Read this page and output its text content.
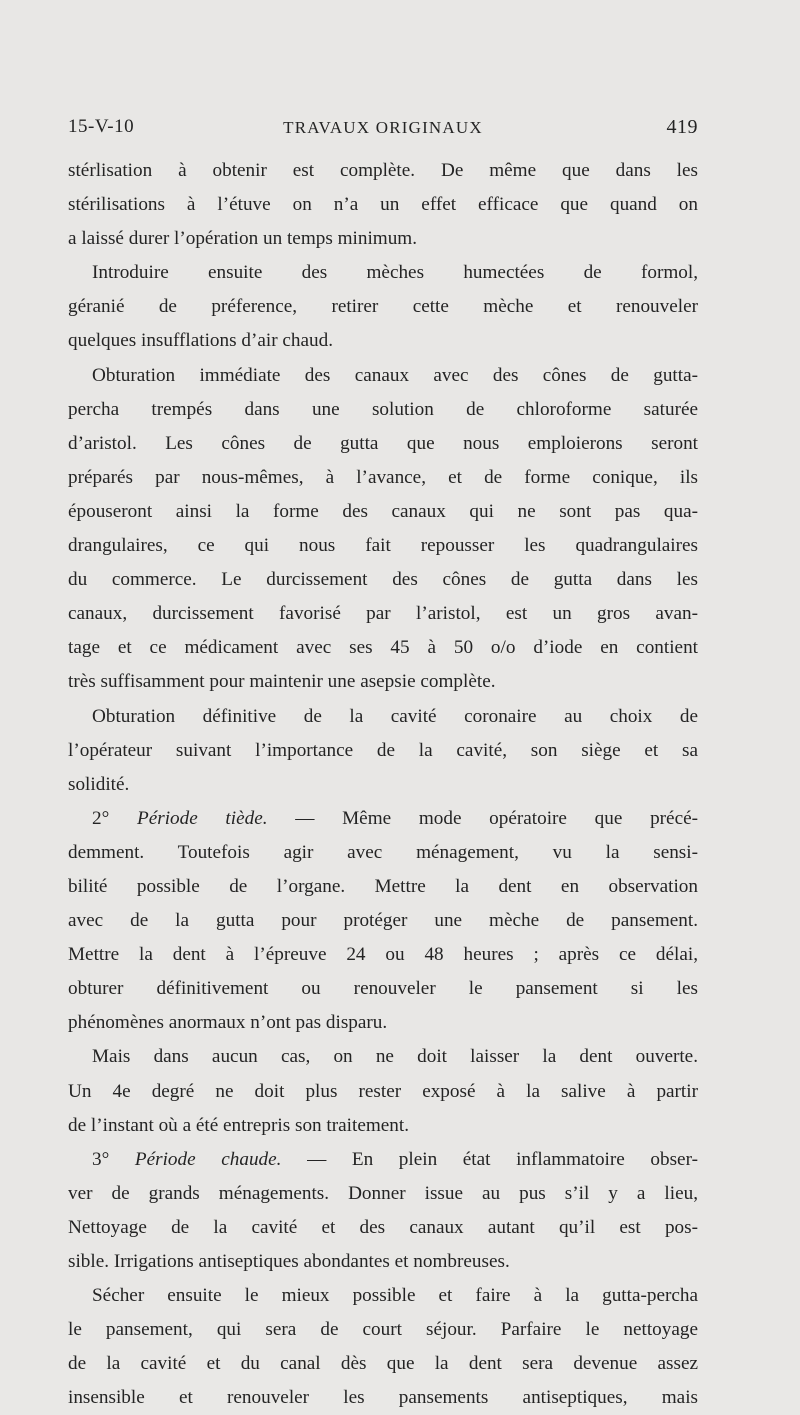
15-V-10	TRAVAUX ORIGINAUX	419
stérlisation à obtenir est complète. De même que dans les
stérilisations à l’étuve on n’a un effet efficace que quand on
a laissé durer l’opération un temps minimum.
Introduire ensuite des mèches humectées de formol,
géranié de préference, retirer cette mèche et renouveler
quelques insufflations d’air chaud.
Obturation immédiate des canaux avec des cônes de gutta-
percha trempés dans une solution de chloroforme saturée
d’aristol. Les cônes de gutta que nous emploierons seront
préparés par nous-mêmes, à l’avance, et de forme conique, ils
épouseront ainsi la forme des canaux qui ne sont pas qua-
drangulaires, ce qui nous fait repousser les quadrangulaires
du commerce. Le durcissement des cônes de gutta dans les
canaux, durcissement favorisé par l’aristol, est un gros avan-
tage et ce médicament avec ses 45 à 50 o/o d’iode en contient
très suffisamment pour maintenir une asepsie complète.
Obturation définitive de la cavité coronaire au choix de
l’opérateur suivant l’importance de la cavité, son siège et sa
solidité.
2° Période tiède. — Même mode opératoire que précé-
demment. Toutefois agir avec ménagement, vu la sensi-
bilité possible de l’organe. Mettre la dent en observation
avec de la gutta pour protéger une mèche de pansement.
Mettre la dent à l’épreuve 24 ou 48 heures ; après ce délai,
obturer définitivement ou renouveler le pansement si les
phénomènes anormaux n’ont pas disparu.
Mais dans aucun cas, on ne doit laisser la dent ouverte.
Un 4e degré ne doit plus rester exposé à la salive à partir
de l’instant où a été entrepris son traitement.
3° Période chaude. — En plein état inflammatoire obser-
ver de grands ménagements. Donner issue au pus s’il y a lieu,
Nettoyage de la cavité et des canaux autant qu’il est pos-
sible. Irrigations antiseptiques abondantes et nombreuses.
Sécher ensuite le mieux possible et faire à la gutta-percha
le pansement, qui sera de court séjour. Parfaire le nettoyage
de la cavité et du canal dès que la dent sera devenue assez
insensible et renouveler les pansements antiseptiques, mais
